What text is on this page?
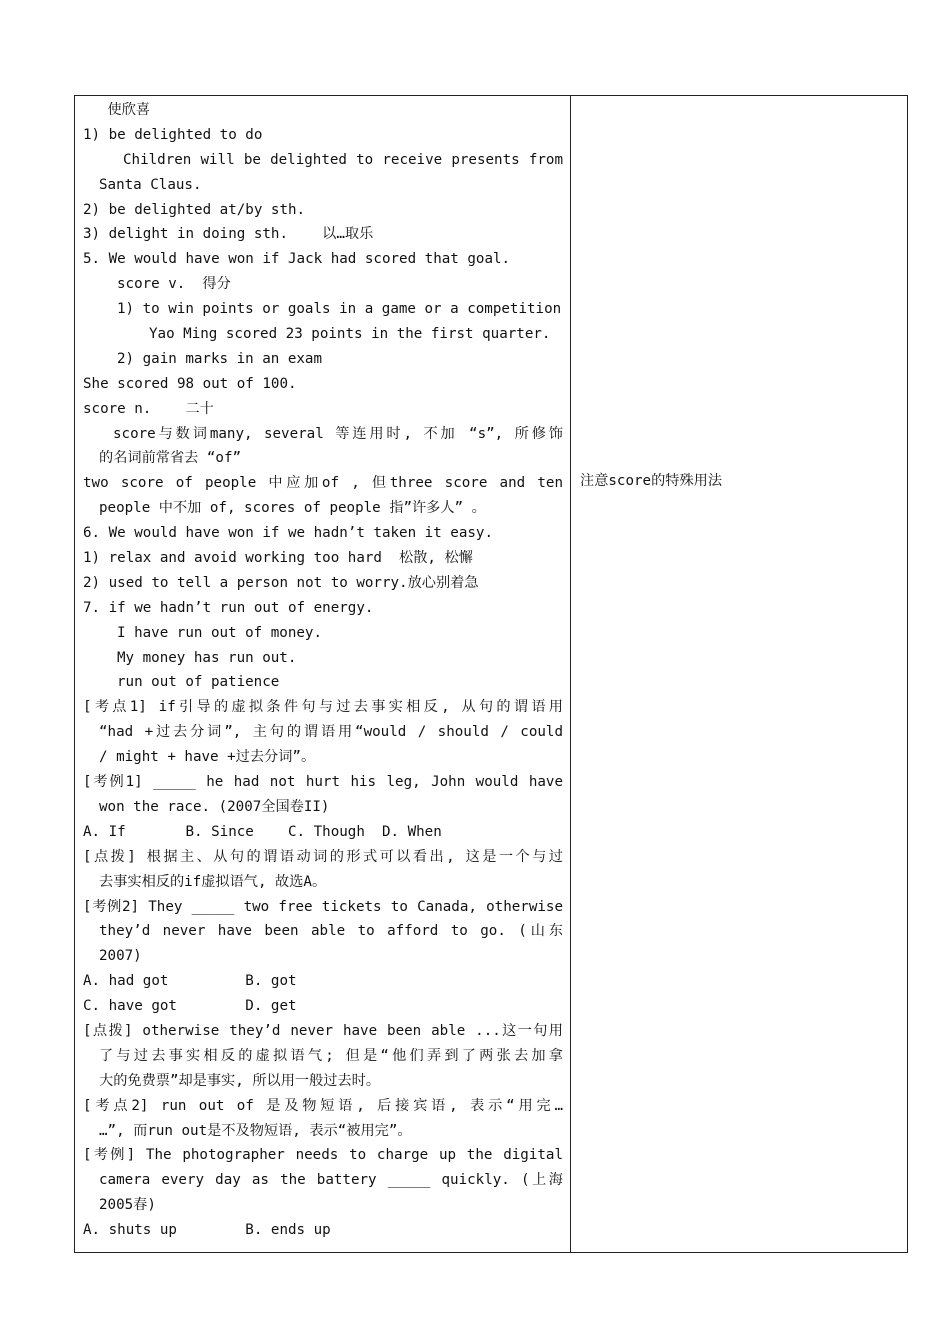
使欣喜
1) be delighted to do
Children will be delighted to receive presents from
Santa Claus.
2) be delighted at/by sth.
3) delight in doing sth.    以…取乐
5. We would have won if Jack had scored that goal.
score v.  得分
1) to win points or goals in a game or a competition
Yao Ming scored 23 points in the first quarter.
2) gain marks in an exam
She scored 98 out of 100.
score n.    二十
score与数词many, several 等连用时, 不加 “s”, 所修饰
的名词前常省去 “of”
two score of people 中应加of , 但three score and ten
people 中不加 of, scores of people 指”许多人” 。
6. We would have won if we hadn’t taken it easy.
1) relax and avoid working too hard  松散, 松懈
2) used to tell a person not to worry.放心别着急
7. if we hadn’t run out of energy.
I have run out of money.
My money has run out.
run out of patience
[考点1] if引导的虚拟条件句与过去事实相反, 从句的谓语用
“had +过去分词”, 主句的谓语用“would / should / could
/ might + have +过去分词”。
[考例1] _____ he had not hurt his leg, John would have
won the race. (2007全国卷II)
A. If       B. Since    C. Though  D. When
[点拨] 根据主、从句的谓语动词的形式可以看出, 这是一个与过
去事实相反的if虚拟语气, 故选A。
[考例2] They _____ two free tickets to Canada, otherwise
they’d never have been able to afford to go. (山东
2007)
A. had got         B. got
C. have got        D. get
[点拨] otherwise they’d never have been able ...这一句用
了与过去事实相反的虚拟语气; 但是“他们弄到了两张去加拿
大的免费票”却是事实, 所以用一般过去时。
[考点2] run out of 是及物短语, 后接宾语, 表示“用完…
…”, 而run out是不及物短语, 表示“被用完”。
[考例] The photographer needs to charge up the digital
camera every day as the battery _____ quickly. (上海
2005春)
A. shuts up        B. ends up
注意score的特殊用法
